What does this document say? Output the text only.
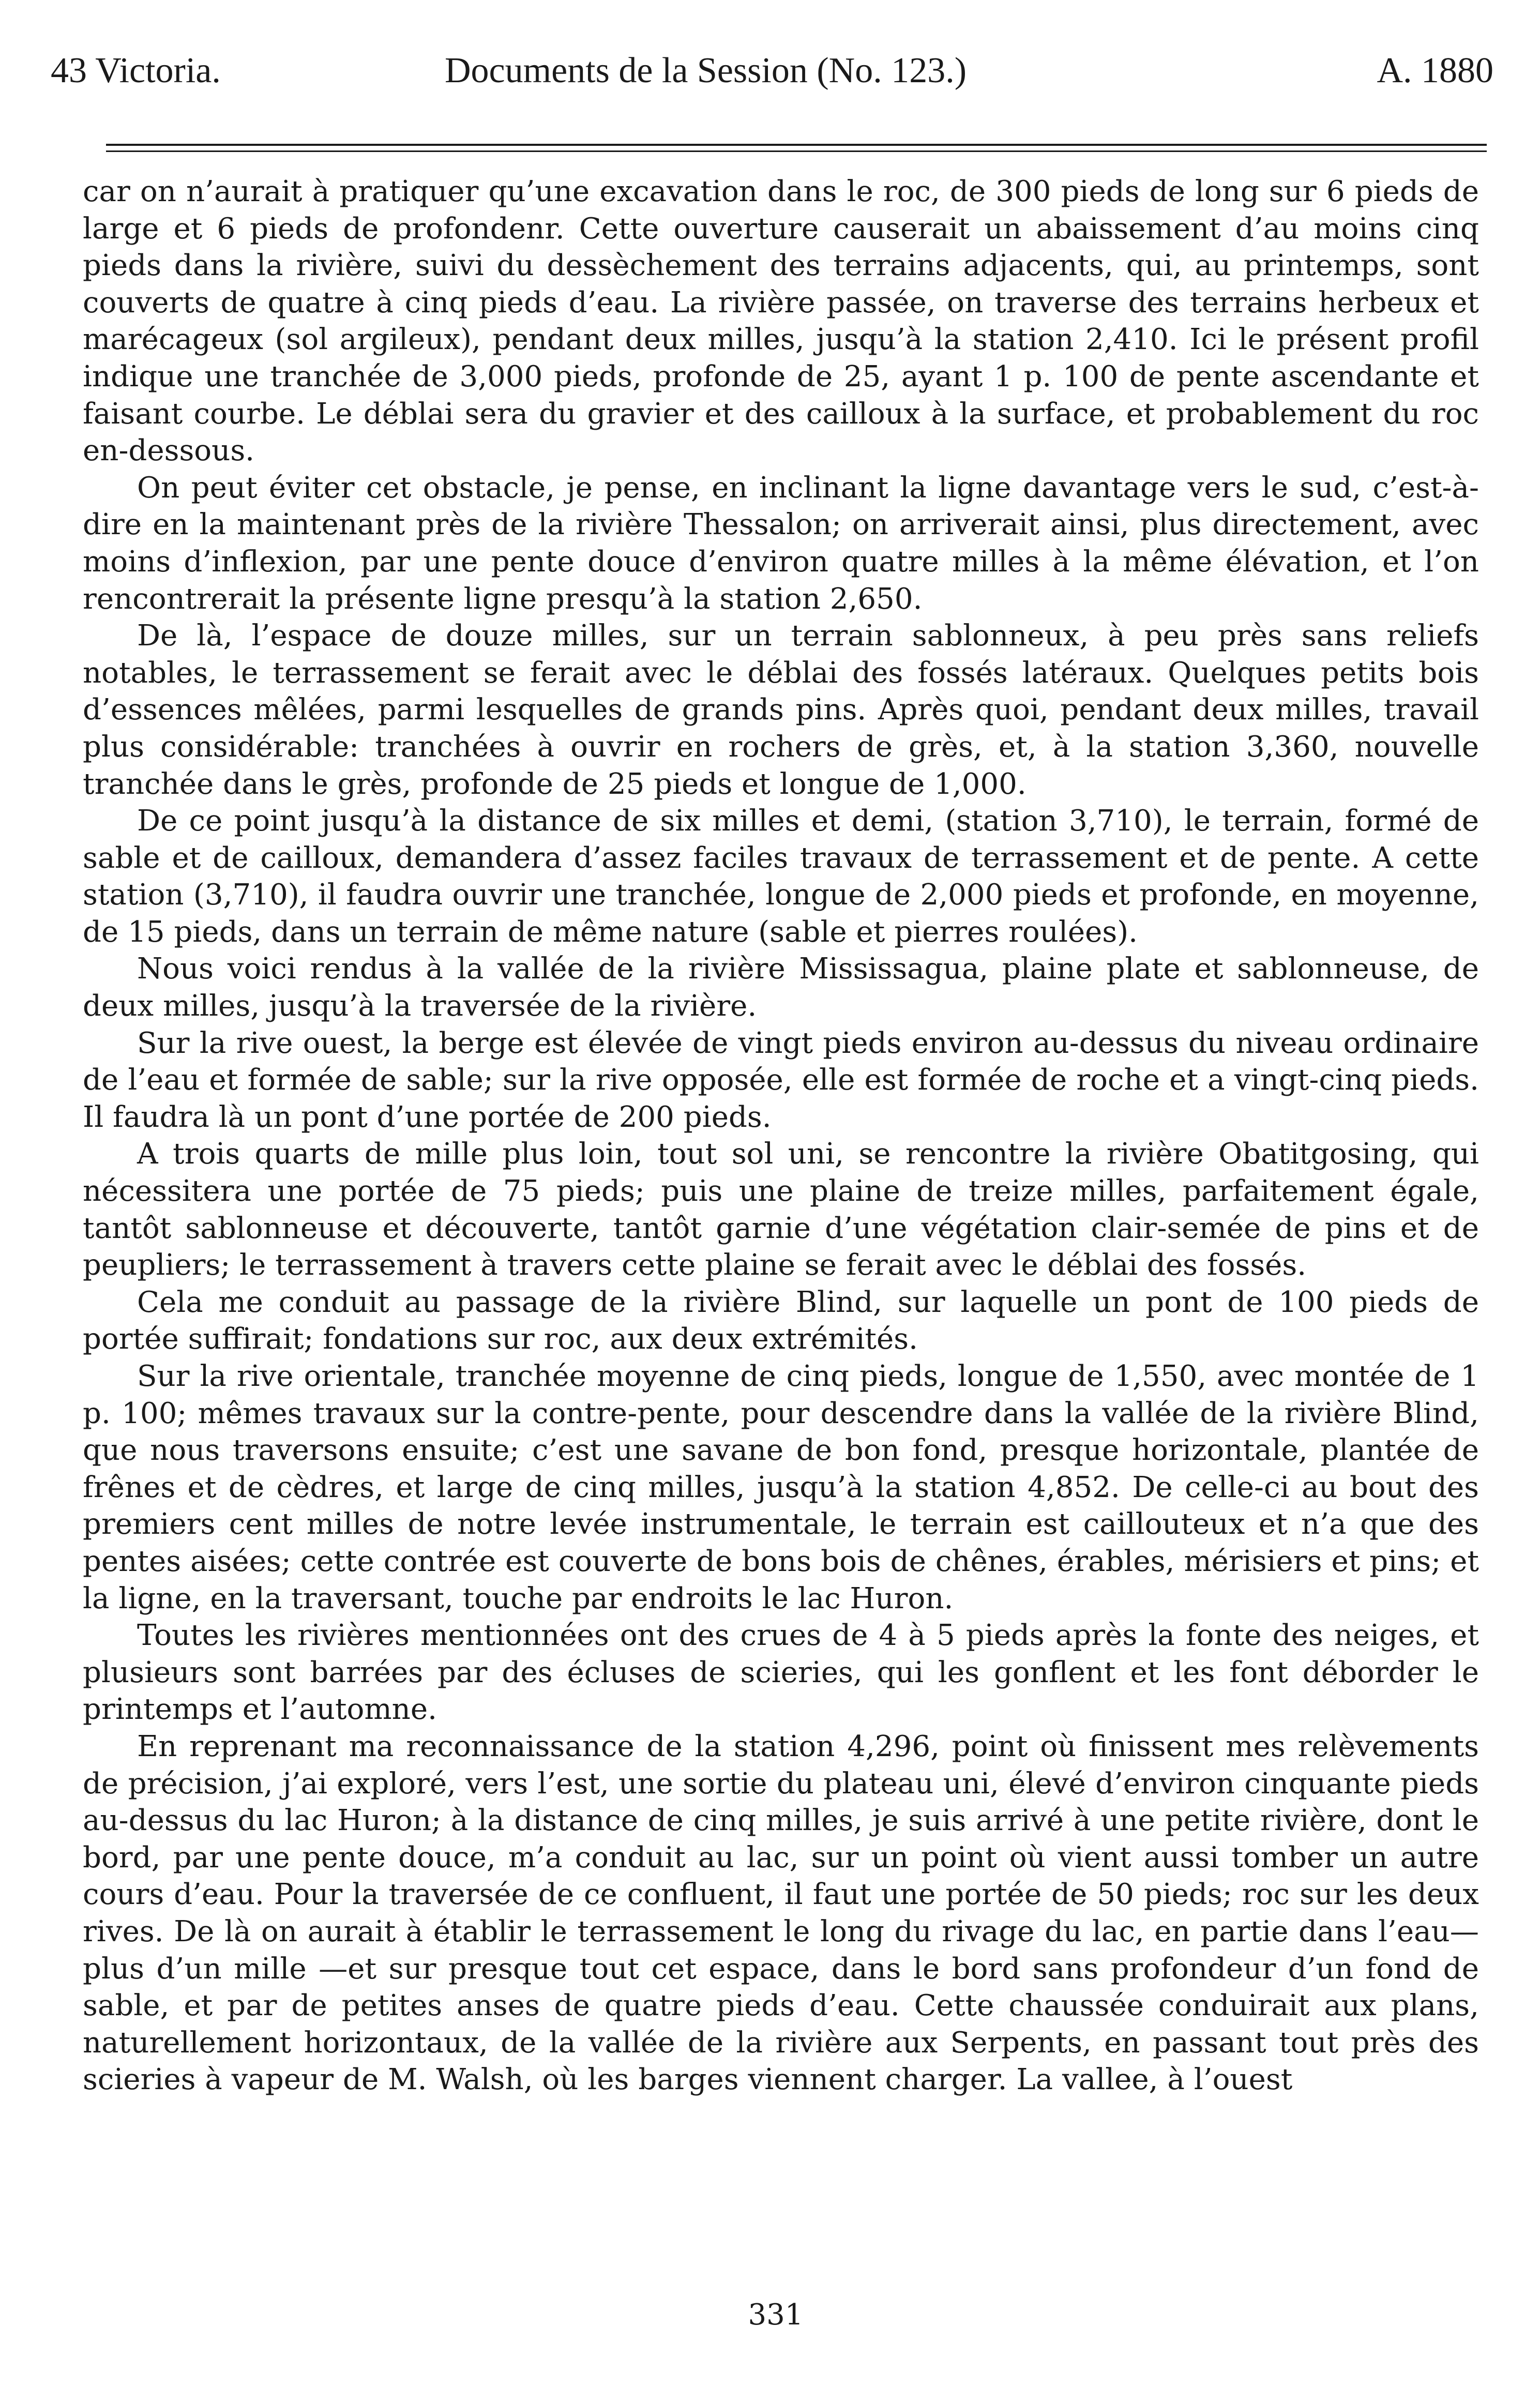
43 Victoria.	Documents de la Session (No. 123.)	A. 1880

car on n’aurait à pratiquer qu’une excavation dans le roc, de 300 pieds de long sur 6 pieds de large et 6 pieds de profondenr. Cette ouverture causerait un abaissement d’au moins cinq pieds dans la rivière, suivi du dessèchement des terrains adjacents, qui, au printemps, sont couverts de quatre à cinq pieds d’eau. La rivière passée, on traverse des terrains herbeux et marécageux (sol argileux), pendant deux milles, jusqu’à la station 2,410. Ici le présent profil indique une tranchée de 3,000 pieds, profonde de 25, ayant 1 p. 100 de pente ascendante et faisant courbe. Le déblai sera du gravier et des cailloux à la surface, et probablement du roc en-dessous.

On peut éviter cet obstacle, je pense, en inclinant la ligne davantage vers le sud, c’est-à-dire en la maintenant près de la rivière Thessalon; on arriverait ainsi, plus directement, avec moins d’inflexion, par une pente douce d’environ quatre milles à la même élévation, et l’on rencontrerait la présente ligne presqu’à la station 2,650.

De là, l’espace de douze milles, sur un terrain sablonneux, à peu près sans reliefs notables, le terrassement se ferait avec le déblai des fossés latéraux. Quelques petits bois d’essences mêlées, parmi lesquelles de grands pins. Après quoi, pendant deux milles, travail plus considérable: tranchées à ouvrir en rochers de grès, et, à la station 3,360, nouvelle tranchée dans le grès, profonde de 25 pieds et longue de 1,000.

De ce point jusqu’à la distance de six milles et demi, (station 3,710), le terrain, formé de sable et de cailloux, demandera d’assez faciles travaux de terrassement et de pente. A cette station (3,710), il faudra ouvrir une tranchée, longue de 2,000 pieds et profonde, en moyenne, de 15 pieds, dans un terrain de même nature (sable et pierres roulées).

Nous voici rendus à la vallée de la rivière Mississagua, plaine plate et sablonneuse, de deux milles, jusqu’à la traversée de la rivière.

Sur la rive ouest, la berge est élevée de vingt pieds environ au-dessus du niveau ordinaire de l’eau et formée de sable; sur la rive opposée, elle est formée de roche et a vingt-cinq pieds. Il faudra là un pont d’une portée de 200 pieds.

A trois quarts de mille plus loin, tout sol uni, se rencontre la rivière Obatitgosing, qui nécessitera une portée de 75 pieds; puis une plaine de treize milles, parfaitement égale, tantôt sablonneuse et découverte, tantôt garnie d’une végétation clair-semée de pins et de peupliers; le terrassement à travers cette plaine se ferait avec le déblai des fossés.

Cela me conduit au passage de la rivière Blind, sur laquelle un pont de 100 pieds de portée suffirait; fondations sur roc, aux deux extrémités.

Sur la rive orientale, tranchée moyenne de cinq pieds, longue de 1,550, avec montée de 1 p. 100; mêmes travaux sur la contre-pente, pour descendre dans la vallée de la rivière Blind, que nous traversons ensuite; c’est une savane de bon fond, presque horizontale, plantée de frênes et de cèdres, et large de cinq milles, jusqu’à la station 4,852. De celle-ci au bout des premiers cent milles de notre levée instrumentale, le terrain est caillouteux et n’a que des pentes aisées; cette contrée est couverte de bons bois de chênes, érables, mérisiers et pins; et la ligne, en la traversant, touche par endroits le lac Huron.

Toutes les rivières mentionnées ont des crues de 4 à 5 pieds après la fonte des neiges, et plusieurs sont barrées par des écluses de scieries, qui les gonflent et les font déborder le printemps et l’automne.

En reprenant ma reconnaissance de la station 4,296, point où finissent mes relèvements de précision, j’ai exploré, vers l’est, une sortie du plateau uni, élevé d’environ cinquante pieds au-dessus du lac Huron; à la distance de cinq milles, je suis arrivé à une petite rivière, dont le bord, par une pente douce, m’a conduit au lac, sur un point où vient aussi tomber un autre cours d’eau. Pour la traversée de ce confluent, il faut une portée de 50 pieds; roc sur les deux rives. De là on aurait à établir le terrassement le long du rivage du lac, en partie dans l’eau—plus d’un mille —et sur presque tout cet espace, dans le bord sans profondeur d’un fond de sable, et par de petites anses de quatre pieds d’eau. Cette chaussée conduirait aux plans, naturellement horizontaux, de la vallée de la rivière aux Serpents, en passant tout près des scieries à vapeur de M. Walsh, où les barges viennent charger. La vallee, à l’ouest

331
